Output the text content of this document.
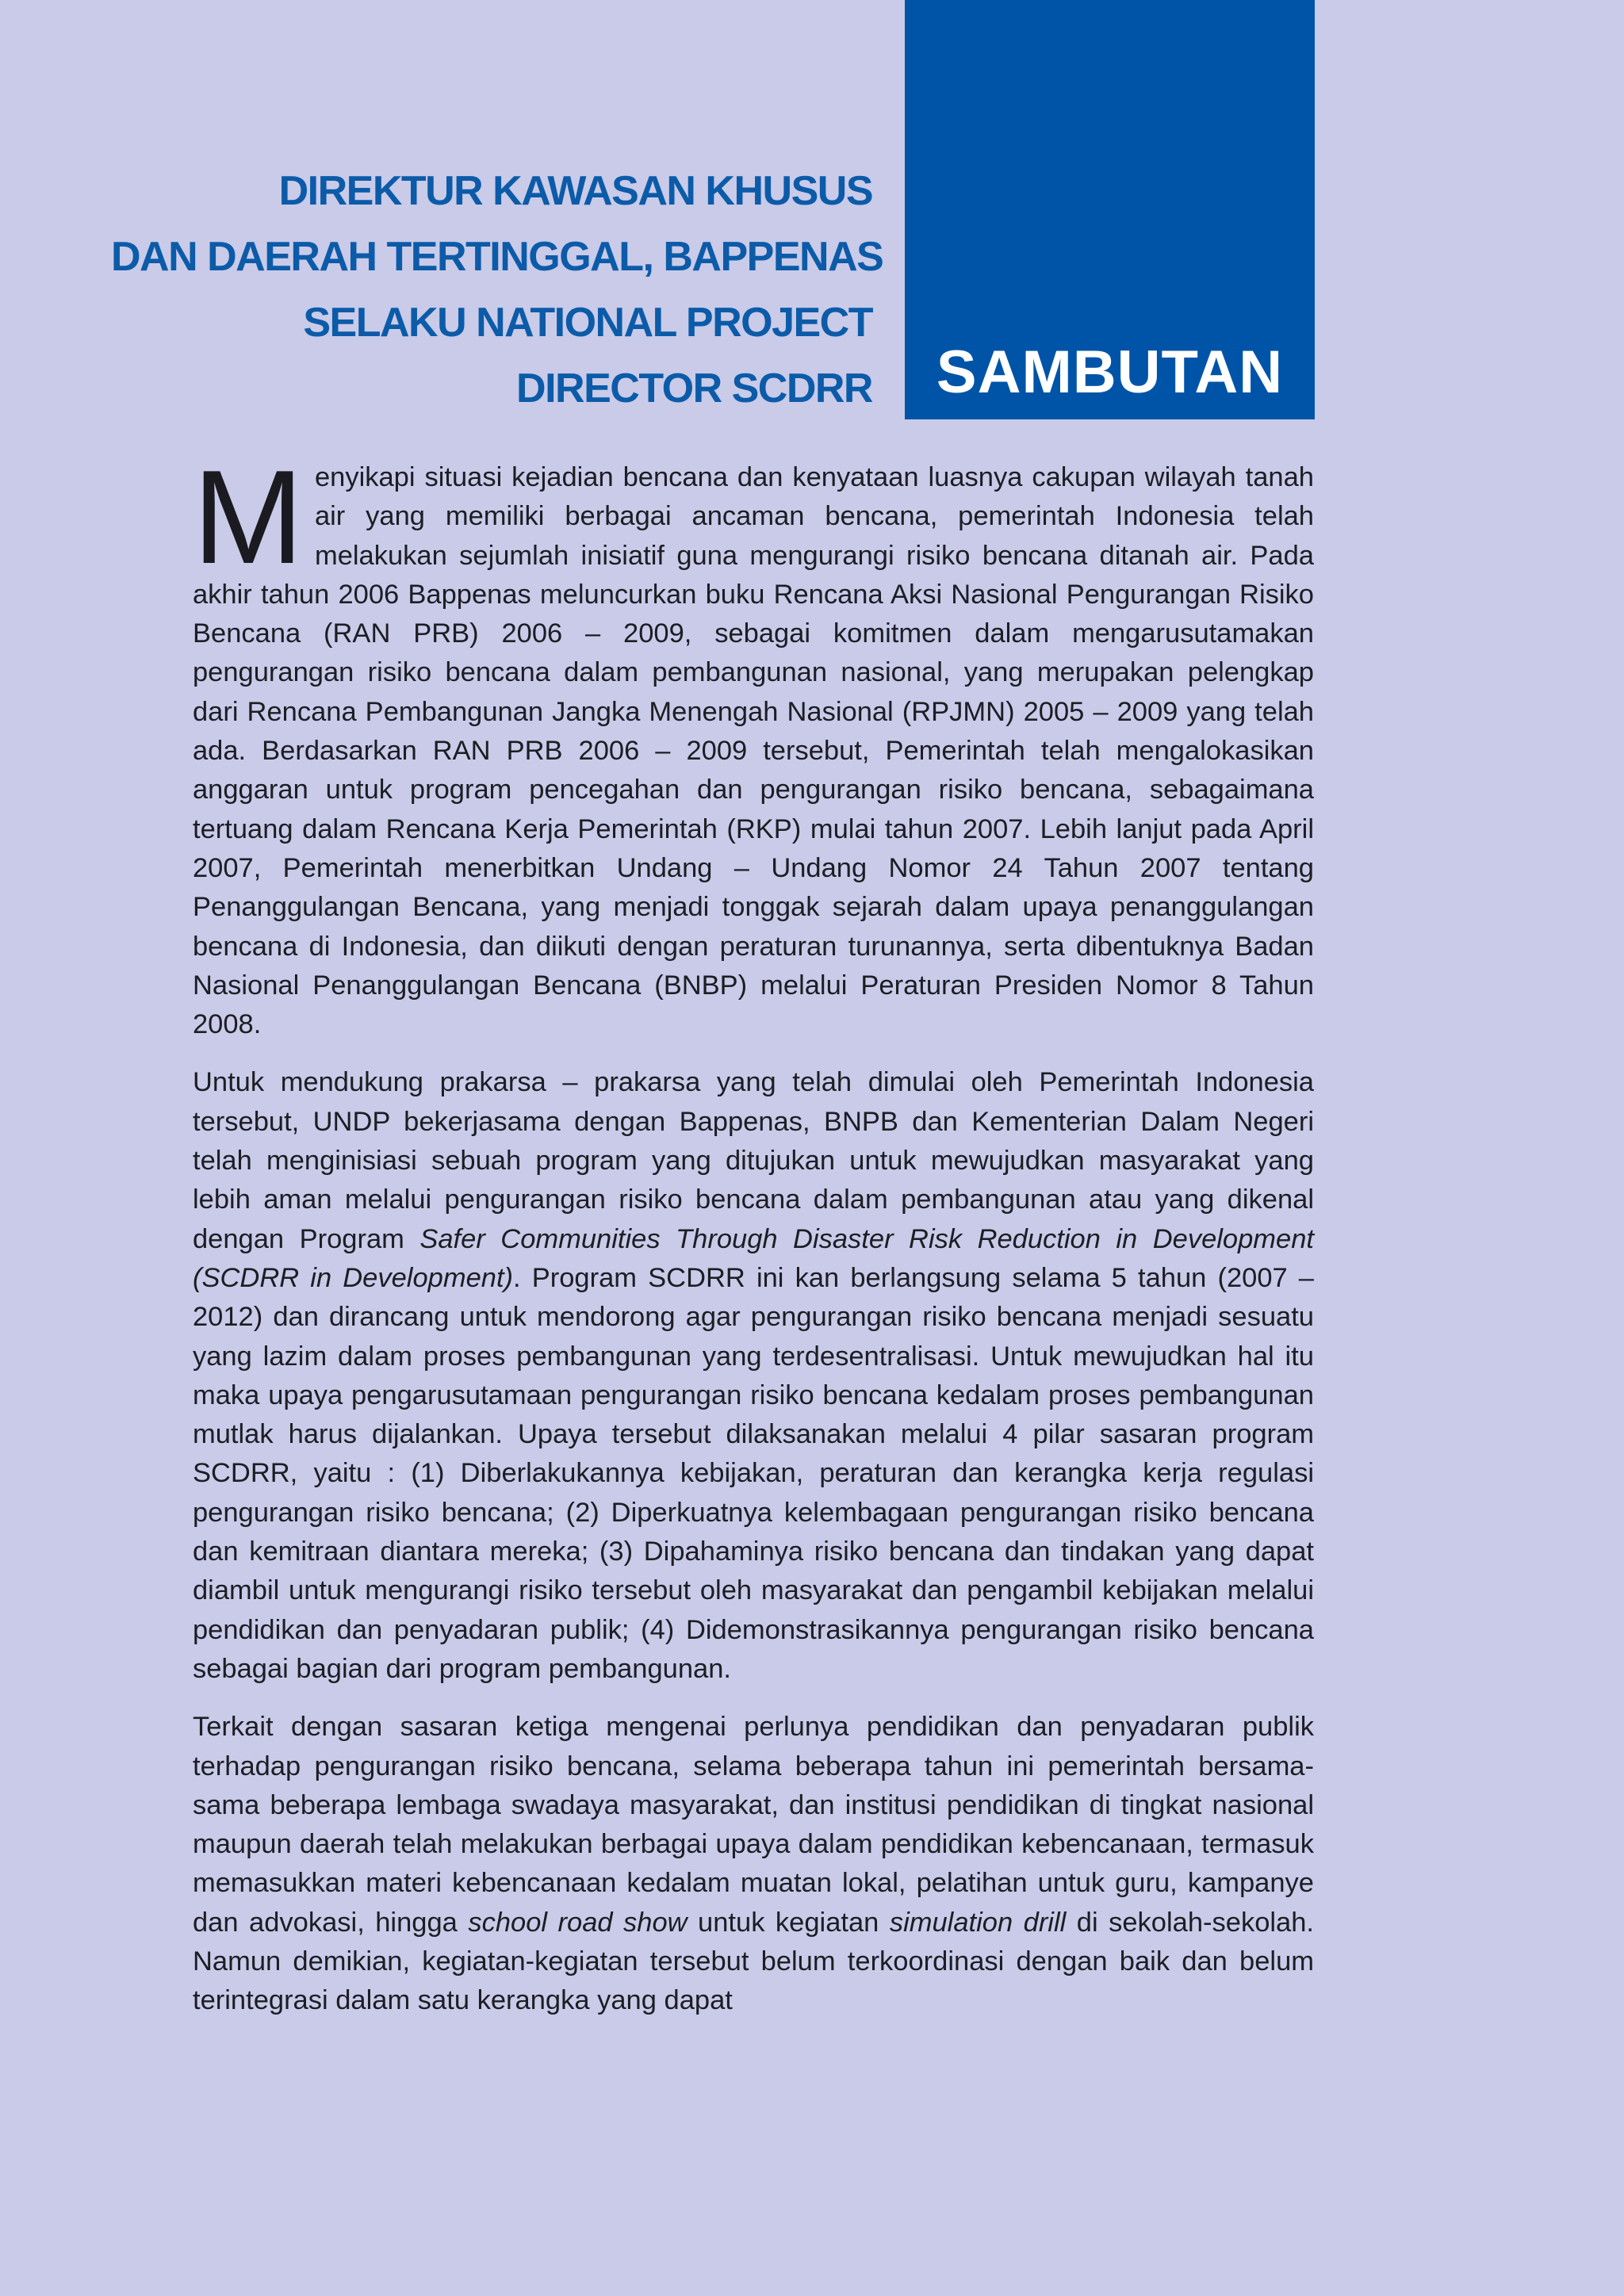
DIREKTUR KAWASAN KHUSUS
DAN DAERAH TERTINGGAL, BAPPENAS
SELAKU NATIONAL PROJECT
DIRECTOR SCDRR	SAMBUTAN

Menyikapi situasi kejadian bencana dan kenyataan luasnya cakupan wilayah tanah air yang memiliki berbagai ancaman bencana, pemerintah Indonesia telah melakukan sejumlah inisiatif guna mengurangi risiko bencana ditanah air. Pada akhir tahun 2006 Bappenas meluncurkan buku Rencana Aksi Nasional Pengurangan Risiko Bencana (RAN PRB) 2006 – 2009, sebagai komitmen dalam mengarusutamakan pengurangan risiko bencana dalam pembangunan nasional, yang merupakan pelengkap dari Rencana Pembangunan Jangka Menengah Nasional (RPJMN) 2005 – 2009 yang telah ada. Berdasarkan RAN PRB 2006 – 2009 tersebut, Pemerintah telah mengalokasikan anggaran untuk program pencegahan dan pengurangan risiko bencana, sebagaimana tertuang dalam Rencana Kerja Pemerintah (RKP) mulai tahun 2007. Lebih lanjut pada April 2007, Pemerintah menerbitkan Undang – Undang Nomor 24 Tahun 2007 tentang Penanggulangan Bencana, yang menjadi tonggak sejarah dalam upaya penanggulangan bencana di Indonesia, dan diikuti dengan peraturan turunannya, serta dibentuknya Badan Nasional Penanggulangan Bencana (BNBP) melalui Peraturan Presiden Nomor 8 Tahun 2008.

Untuk mendukung prakarsa – prakarsa yang telah dimulai oleh Pemerintah Indonesia tersebut, UNDP bekerjasama dengan Bappenas, BNPB dan Kementerian Dalam Negeri telah menginisiasi sebuah program yang ditujukan untuk mewujudkan masyarakat yang lebih aman melalui pengurangan risiko bencana dalam pembangunan atau yang dikenal dengan Program Safer Communities Through Disaster Risk Reduction in Development (SCDRR in Development). Program SCDRR ini kan berlangsung selama 5 tahun (2007 – 2012) dan dirancang untuk mendorong agar pengurangan risiko bencana menjadi sesuatu yang lazim dalam proses pembangunan yang terdesentralisasi. Untuk mewujudkan hal itu maka upaya pengarusutamaan pengurangan risiko bencana kedalam proses pembangunan mutlak harus dijalankan. Upaya tersebut dilaksanakan melalui 4 pilar sasaran program SCDRR, yaitu : (1) Diberlakukannya kebijakan, peraturan dan kerangka kerja regulasi pengurangan risiko bencana; (2) Diperkuatnya kelembagaan pengurangan risiko bencana dan kemitraan diantara mereka; (3) Dipahaminya risiko bencana dan tindakan yang dapat diambil untuk mengurangi risiko tersebut oleh masyarakat dan pengambil kebijakan melalui pendidikan dan penyadaran publik; (4) Didemonstrasikannya pengurangan risiko bencana sebagai bagian dari program pembangunan.

Terkait dengan sasaran ketiga mengenai perlunya pendidikan dan penyadaran publik terhadap pengurangan risiko bencana, selama beberapa tahun ini pemerintah bersama-sama beberapa lembaga swadaya masyarakat, dan institusi pendidikan di tingkat nasional maupun daerah telah melakukan berbagai upaya dalam pendidikan kebencanaan, termasuk memasukkan materi kebencanaan kedalam muatan lokal, pelatihan untuk guru, kampanye dan advokasi, hingga school road show untuk kegiatan simulation drill di sekolah-sekolah. Namun demikian, kegiatan-kegiatan tersebut belum terkoordinasi dengan baik dan belum terintegrasi dalam satu kerangka yang dapat
